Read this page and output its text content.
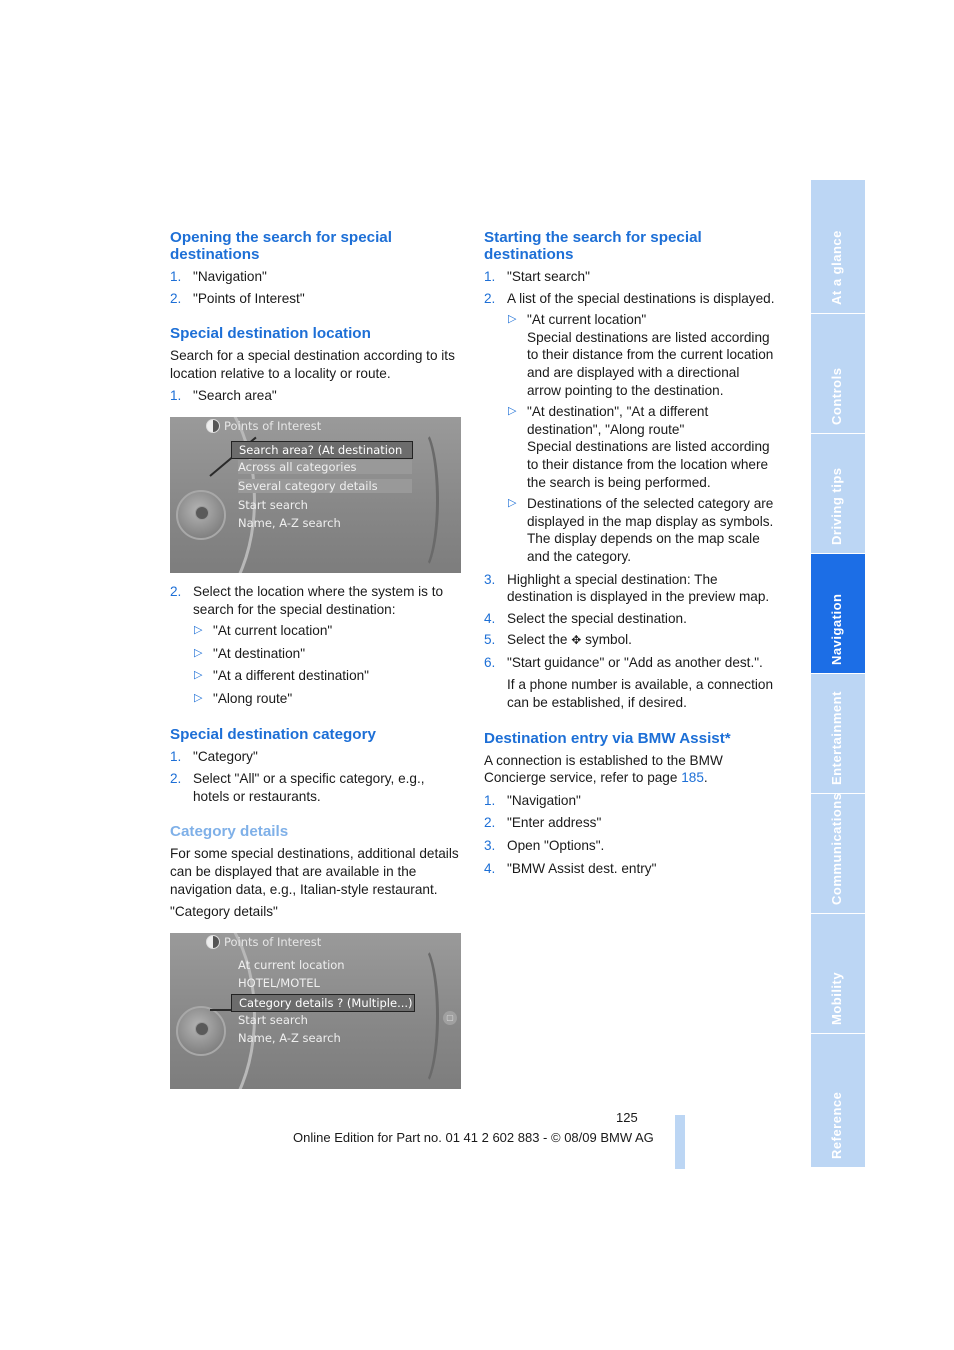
Opening the search for special destinations
1. "Navigation"
2. "Points of Interest"
Special destination location

Search for a special destination according to its location relative to a locality or route.

1. "Search area"
Points of Interest
Search area? (At destination
Across all categories
Several category details
Start search
Name, A-Z search
2. Select the location where the system is to search for the special destination:
▷ "At current location"
▷ "At destination"
▷ "At a different destination"
▷ "Along route"
Special destination category
1. "Category"
2. Select "All" or a specific category, e.g., hotels or restaurants.
Category details

For some special destinations, additional details can be displayed that are available in the navigation data, e.g., Italian-style restaurant.

"Category details"

Points of Interest
At current location
HOTEL/MOTEL
Category details ? (Multiple...)
Start search
Name, A-Z search
▢
Starting the search for special destinations
1. "Start search"
2. A list of the special destinations is displayed.
▷ "At current location"
Special destinations are listed according to their distance from the current location and are displayed with a directional arrow pointing to the destination.
▷ "At destination", "At a different destination", "Along route"
Special destinations are listed according to their distance from the location where the search is being performed.
▷ Destinations of the selected category are displayed in the map display as symbols. The display depends on the map scale and the category.
3. Highlight a special destination: The destination is displayed in the preview map.
4. Select the special destination.
5. Select the ✥ symbol.
6. "Start guidance" or "Add as another dest.".

If a phone number is available, a connection can be established, if desired.

Destination entry via BMW Assist*

A connection is established to the BMW Concierge service, refer to page 185.

1. "Navigation"
2. "Enter address"
3. Open "Options".
4. "BMW Assist dest. entry"
At a glance
Controls
Driving tips
Navigation
Entertainment
Communications
Mobility
Reference
125
Online Edition for Part no. 01 41 2 602 883 - © 08/09 BMW AG
